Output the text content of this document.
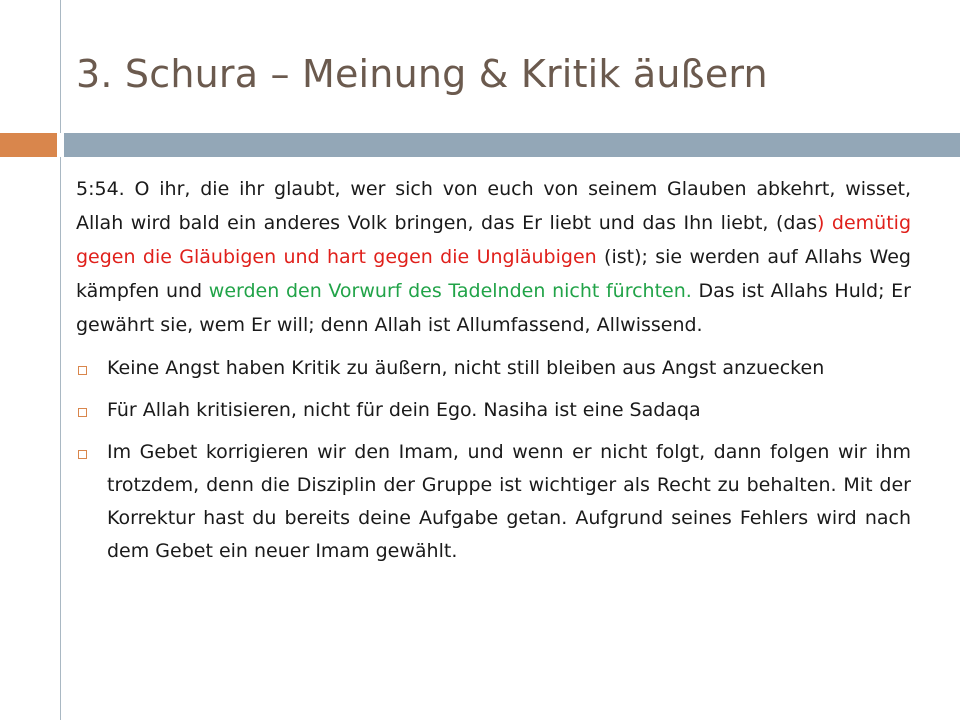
3. Schura – Meinung & Kritik äußern

5:54. O ihr, die ihr glaubt, wer sich von euch von seinem Glauben abkehrt, wisset, Allah wird bald ein anderes Volk bringen, das Er liebt und das Ihn liebt, (das) demütig gegen die Gläubigen und hart gegen die Ungläubigen (ist); sie werden auf Allahs Weg kämpfen und werden den Vorwurf des Tadelnden nicht fürchten. Das ist Allahs Huld; Er gewährt sie, wem Er will; denn Allah ist Allumfassend, Allwissend.

Keine Angst haben Kritik zu äußern, nicht still bleiben aus Angst anzuecken
Für Allah kritisieren, nicht für dein Ego. Nasiha ist eine Sadaqa
Im Gebet korrigieren wir den Imam, und wenn er nicht folgt, dann folgen wir ihm trotzdem, denn die Disziplin der Gruppe ist wichtiger als Recht zu behalten. Mit der Korrektur hast du bereits deine Aufgabe getan. Aufgrund seines Fehlers wird nach dem Gebet ein neuer Imam gewählt.
